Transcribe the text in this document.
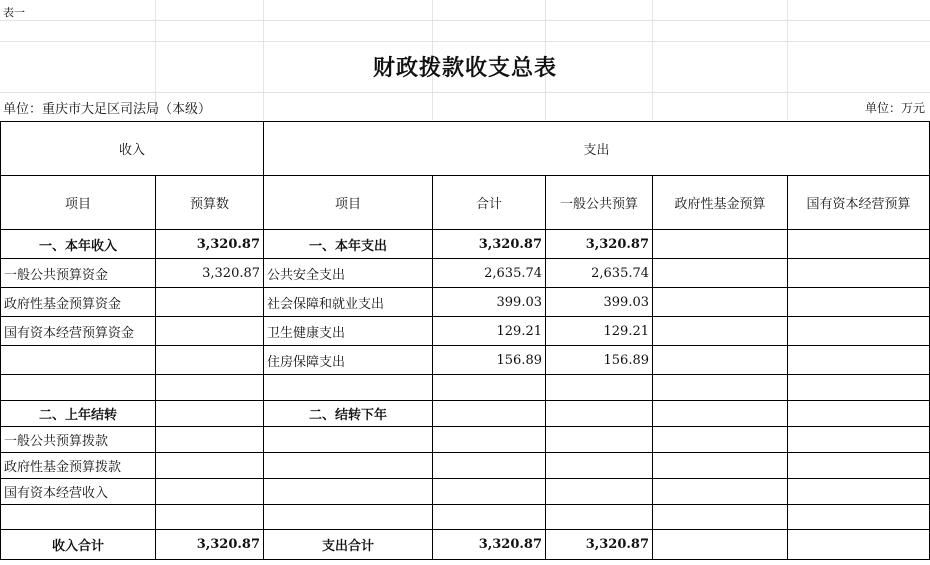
表一
财政拨款收支总表
单位：重庆市大足区司法局（本级）	单位：万元
收入		支出				
项目	预算数	项目	合计	一般公共预算	政府性基金预算	国有资本经营预算
一、本年收入	3,320.87	一、本年支出	3,320.87	3,320.87		
一般公共预算资金	3,320.87	公共安全支出	2,635.74	2,635.74		
政府性基金预算资金		社会保障和就业支出	399.03	399.03		
国有资本经营预算资金		卫生健康支出	129.21	129.21		
		住房保障支出	156.89	156.89		

二、上年结转		二、结转下年				
一般公共预算拨款						
政府性基金预算拨款						
国有资本经营收入						

收入合计	3,320.87	支出合计	3,320.87	3,320.87		
